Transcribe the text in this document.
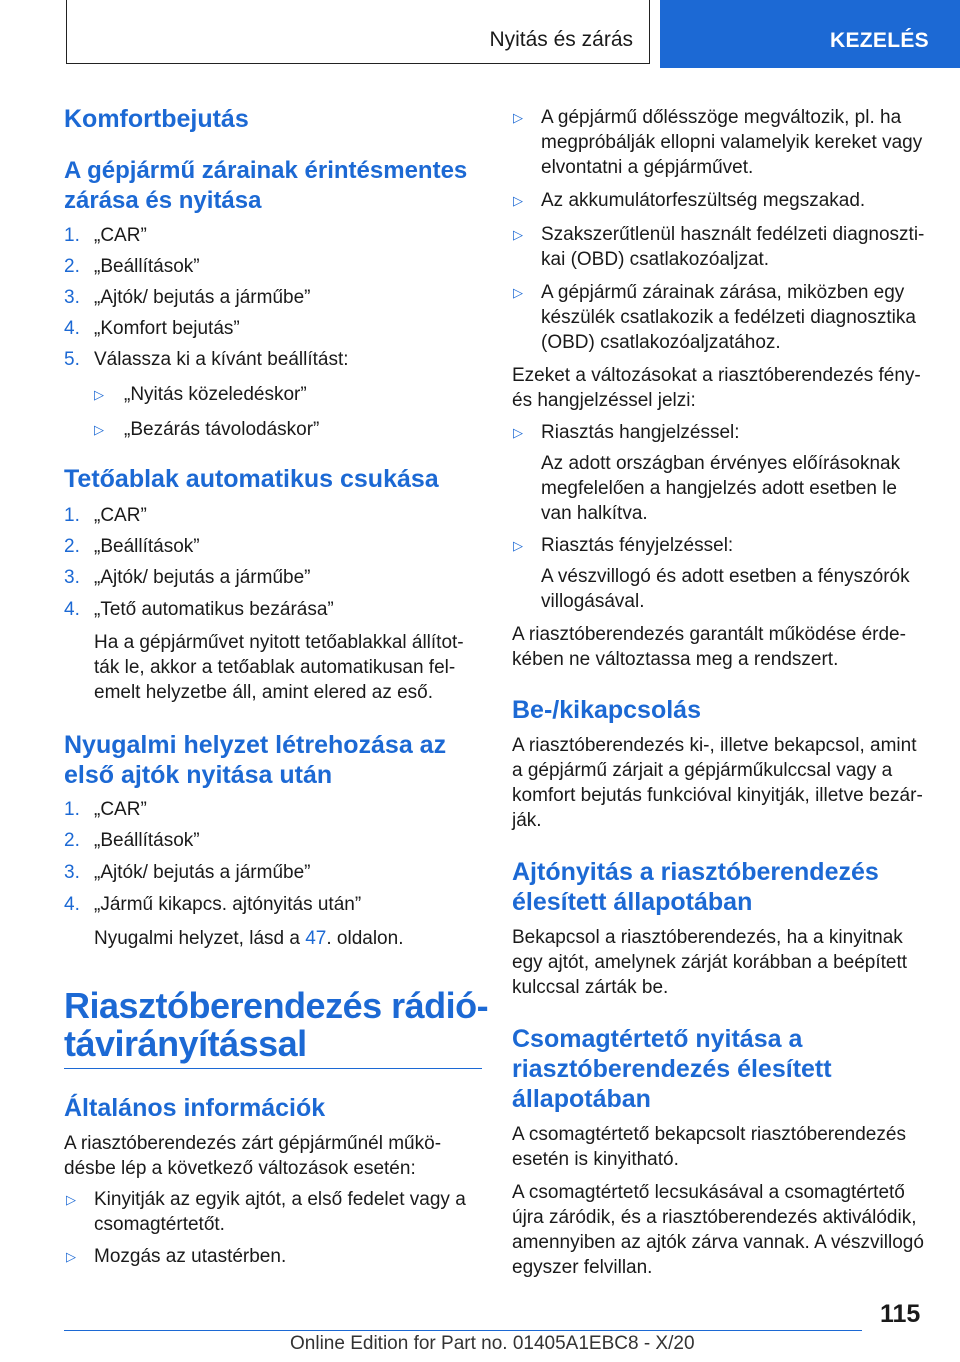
Nyitás és zárás	KEZELÉS
Komfortbejutás
A gépjármű zárainak érintésmentes
zárása és nyitása
1. „CAR”
2. „Beállítások”
3. „Ajtók/ bejutás a járműbe”
4. „Komfort bejutás”
5. Válassza ki a kívánt beállítást:
▷ „Nyitás közeledéskor”
▷ „Bezárás távolodáskor”
Tetőablak automatikus csukása
1. „CAR”
2. „Beállítások”
3. „Ajtók/ bejutás a járműbe”
4. „Tető automatikus bezárása”
Ha a gépjárművet nyitott tetőablakkal állítot-
ták le, akkor a tetőablak automatikusan fel-
emelt helyzetbe áll, amint elered az eső.
Nyugalmi helyzet létrehozása az
első ajtók nyitása után
1. „CAR”
2. „Beállítások”
3. „Ajtók/ bejutás a járműbe”
4. „Jármű kikapcs. ajtónyitás után”
Nyugalmi helyzet, lásd a 47. oldalon.
Riasztóberendezés rádió-
távirányítással
Általános információk
A riasztóberendezés zárt gépjárműnél műkö-
désbe lép a következő változások esetén:
▷ Kinyitják az egyik ajtót, a első fedelet vagy a
csomagtértetőt.
▷ Mozgás az utastérben.
▷ A gépjármű dőlésszöge megváltozik, pl. ha
megpróbálják ellopni valamelyik kereket vagy
elvontatni a gépjárművet.
▷ Az akkumulátorfeszültség megszakad.
▷ Szakszerűtlenül használt fedélzeti diagnoszti-
kai (OBD) csatlakozóaljzat.
▷ A gépjármű zárainak zárása, miközben egy
készülék csatlakozik a fedélzeti diagnosztika
(OBD) csatlakozóaljzatához.
Ezeket a változásokat a riasztóberendezés fény-
és hangjelzéssel jelzi:
▷ Riasztás hangjelzéssel:
Az adott országban érvényes előírásoknak
megfelelően a hangjelzés adott esetben le
van halkítva.
▷ Riasztás fényjelzéssel:
A vészvillogó és adott esetben a fényszórók
villogásával.
A riasztóberendezés garantált működése érde-
kében ne változtassa meg a rendszert.
Be-/kikapcsolás
A riasztóberendezés ki-, illetve bekapcsol, amint
a gépjármű zárjait a gépjárműkulccsal vagy a
komfort bejutás funkcióval kinyitják, illetve bezár-
ják.
Ajtónyitás a riasztóberendezés
élesített állapotában
Bekapcsol a riasztóberendezés, ha a kinyitnak
egy ajtót, amelynek zárját korábban a beépített
kulccsal zárták be.
Csomagtértető nyitása a
riasztóberendezés élesített
állapotában
A csomagtértető bekapcsolt riasztóberendezés
esetén is kinyitható.
A csomagtértető lecsukásával a csomagtértető
újra záródik, és a riasztóberendezés aktiválódik,
amennyiben az ajtók zárva vannak. A vészvillogó
egyszer felvillan.
115
Online Edition for Part no. 01405A1EBC8 - X/20
